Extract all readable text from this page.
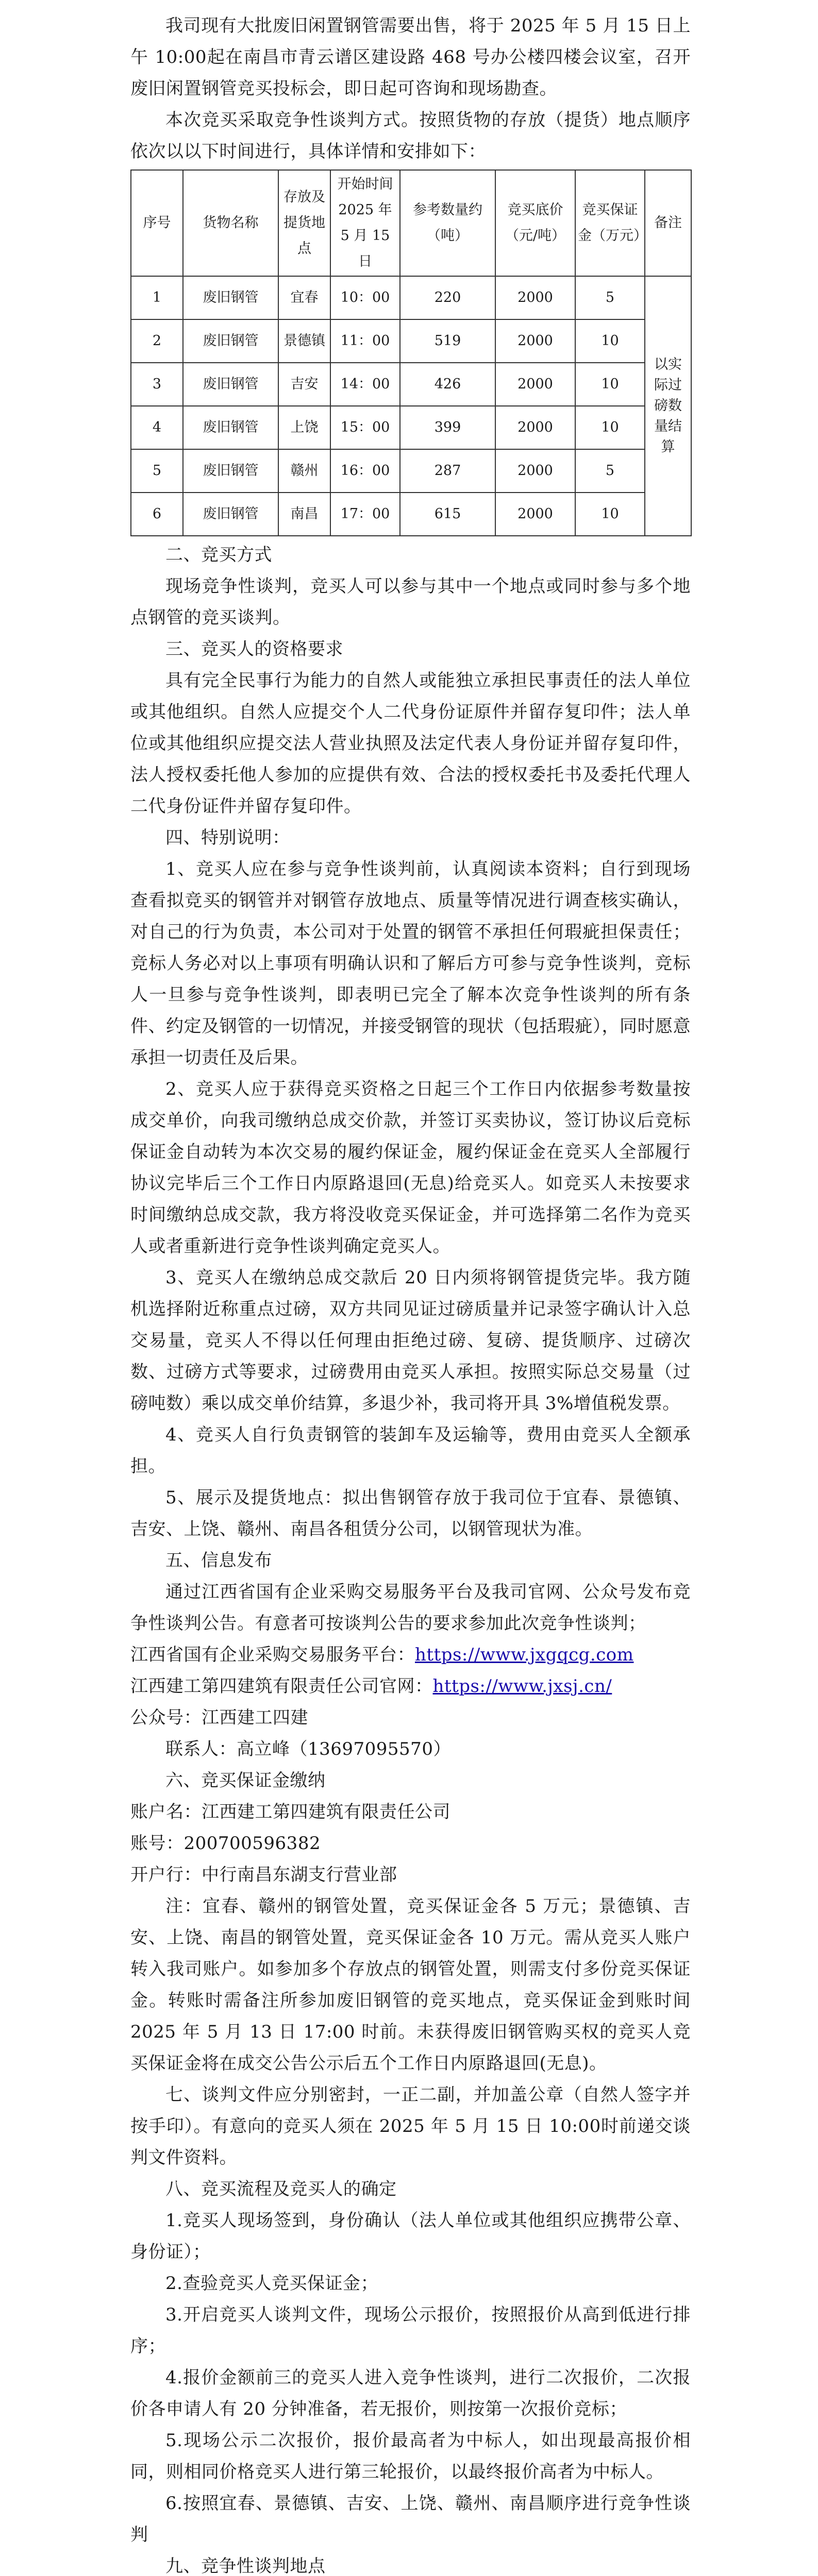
我司现有大批废旧闲置钢管需要出售，将于 2025 年 5 月 15 日上午 10:00起在南昌市青云谱区建设路 468 号办公楼四楼会议室，召开废旧闲置钢管竞买投标会，即日起可咨询和现场勘查。

本次竞买采取竞争性谈判方式。按照货物的存放（提货）地点顺序依次以以下时间进行，具体详情和安排如下：

序号	货物名称	存放及提货地点	开始时间 2025 年 5 月 15 日	参考数量约（吨）	竞买底价（元/吨）	竞买保证金（万元）	备注
1	废旧钢管	宜春	10：00	220	2000	5	以实际过磅数量结算
2	废旧钢管	景德镇	11：00	519	2000	10	
3	废旧钢管	吉安	14：00	426	2000	10	
4	废旧钢管	上饶	15：00	399	2000	10	
5	废旧钢管	赣州	16：00	287	2000	5	
6	废旧钢管	南昌	17：00	615	2000	10	

二、竞买方式

现场竞争性谈判，竞买人可以参与其中一个地点或同时参与多个地点钢管的竞买谈判。

三、竞买人的资格要求

具有完全民事行为能力的自然人或能独立承担民事责任的法人单位或其他组织。自然人应提交个人二代身份证原件并留存复印件；法人单位或其他组织应提交法人营业执照及法定代表人身份证并留存复印件，法人授权委托他人参加的应提供有效、合法的授权委托书及委托代理人二代身份证件并留存复印件。

四、特别说明：

1、竞买人应在参与竞争性谈判前，认真阅读本资料；自行到现场查看拟竞买的钢管并对钢管存放地点、质量等情况进行调查核实确认，对自己的行为负责，本公司对于处置的钢管不承担任何瑕疵担保责任；竞标人务必对以上事项有明确认识和了解后方可参与竞争性谈判，竞标人一旦参与竞争性谈判，即表明已完全了解本次竞争性谈判的所有条件、约定及钢管的一切情况，并接受钢管的现状（包括瑕疵），同时愿意承担一切责任及后果。

2、竞买人应于获得竞买资格之日起三个工作日内依据参考数量按成交单价，向我司缴纳总成交价款，并签订买卖协议，签订协议后竞标保证金自动转为本次交易的履约保证金，履约保证金在竞买人全部履行协议完毕后三个工作日内原路退回(无息)给竞买人。如竞买人未按要求时间缴纳总成交款，我方将没收竞买保证金，并可选择第二名作为竞买人或者重新进行竞争性谈判确定竞买人。

3、竞买人在缴纳总成交款后 20 日内须将钢管提货完毕。我方随机选择附近称重点过磅，双方共同见证过磅质量并记录签字确认计入总交易量，竞买人不得以任何理由拒绝过磅、复磅、提货顺序、过磅次数、过磅方式等要求，过磅费用由竞买人承担。按照实际总交易量（过磅吨数）乘以成交单价结算，多退少补，我司将开具 3%增值税发票。

4、竞买人自行负责钢管的装卸车及运输等，费用由竞买人全额承担。

5、展示及提货地点：拟出售钢管存放于我司位于宜春、景德镇、吉安、上饶、赣州、南昌各租赁分公司，以钢管现状为准。

五、信息发布

通过江西省国有企业采购交易服务平台及我司官网、公众号发布竞争性谈判公告。有意者可按谈判公告的要求参加此次竞争性谈判；

江西省国有企业采购交易服务平台：https://www.jxgqcg.com

江西建工第四建筑有限责任公司官网：https://www.jxsj.cn/

公众号：江西建工四建

联系人：高立峰（13697095570）

六、竞买保证金缴纳

账户名：江西建工第四建筑有限责任公司

账号：200700596382

开户行：中行南昌东湖支行营业部

注：宜春、赣州的钢管处置，竞买保证金各 5 万元；景德镇、吉安、上饶、南昌的钢管处置，竞买保证金各 10 万元。需从竞买人账户转入我司账户。如参加多个存放点的钢管处置，则需支付多份竞买保证金。转账时需备注所参加废旧钢管的竞买地点，竞买保证金到账时间 2025 年 5 月 13 日 17:00 时前。未获得废旧钢管购买权的竞买人竞买保证金将在成交公告公示后五个工作日内原路退回(无息)。

七、谈判文件应分别密封，一正二副，并加盖公章（自然人签字并按手印）。有意向的竞买人须在 2025 年 5 月 15 日 10:00时前递交谈判文件资料。

八、竞买流程及竞买人的确定

1.竞买人现场签到，身份确认（法人单位或其他组织应携带公章、身份证）；

2.查验竞买人竞买保证金；

3.开启竞买人谈判文件，现场公示报价，按照报价从高到低进行排序；

4.报价金额前三的竞买人进入竞争性谈判，进行二次报价，二次报价各申请人有 20 分钟准备，若无报价，则按第一次报价竞标；

5.现场公示二次报价，报价最高者为中标人，如出现最高报价相同，则相同价格竞买人进行第三轮报价，以最终报价高者为中标人。

6.按照宜春、景德镇、吉安、上饶、赣州、南昌顺序进行竞争性谈判

九、竞争性谈判地点
